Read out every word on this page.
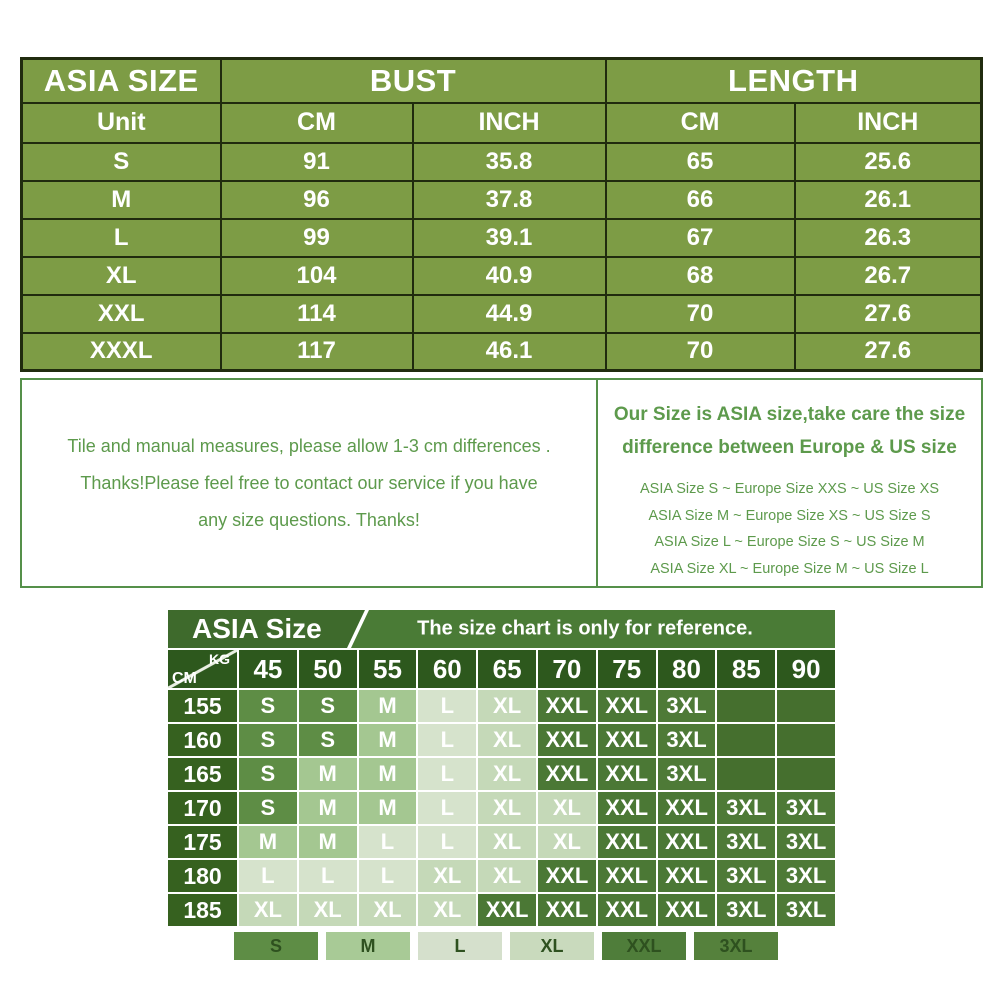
ASIA SIZE	BUST		LENGTH	
Unit	CM	INCH	CM	INCH
S	91	35.8	65	25.6
M	96	37.8	66	26.1
L	99	39.1	67	26.3
XL	104	40.9	68	26.7
XXL	114	44.9	70	27.6
XXXL	117	46.1	70	27.6
Tile and manual measures, please allow 1-3 cm differences .
Thanks!Please feel free to contact our service if you have
any size questions. Thanks!
Our Size is ASIA size,take care the size
difference between Europe & US size
ASIA Size S ~ Europe Size XXS ~ US Size XS
ASIA Size M ~ Europe Size XS ~ US Size S
ASIA Size L ~ Europe Size S ~ US Size M
ASIA Size XL ~ Europe Size M ~ US Size L
ASIA Size	The size chart is only for reference.
KG
CM	45	50	55	60	65	70	75	80	85	90
155	S	S	M	L	XL	XXL XXL 3XL
160	S	S	M	L	XL	XXL XXL 3XL
165	S	M	M	L	XL	XXL XXL 3XL
170	S	M	M	L	XL	XL	XXL XXL 3XL 3XL
175	M	M	L	L	XL	XL	XXL XXL 3XL 3XL
180	L	L	L	XL	XL	XXL XXL XXL 3XL 3XL
185	XL	XL	XL	XL	XXL XXL XXL XXL 3XL 3XL
S	M	L	XL	XXL	3XL
